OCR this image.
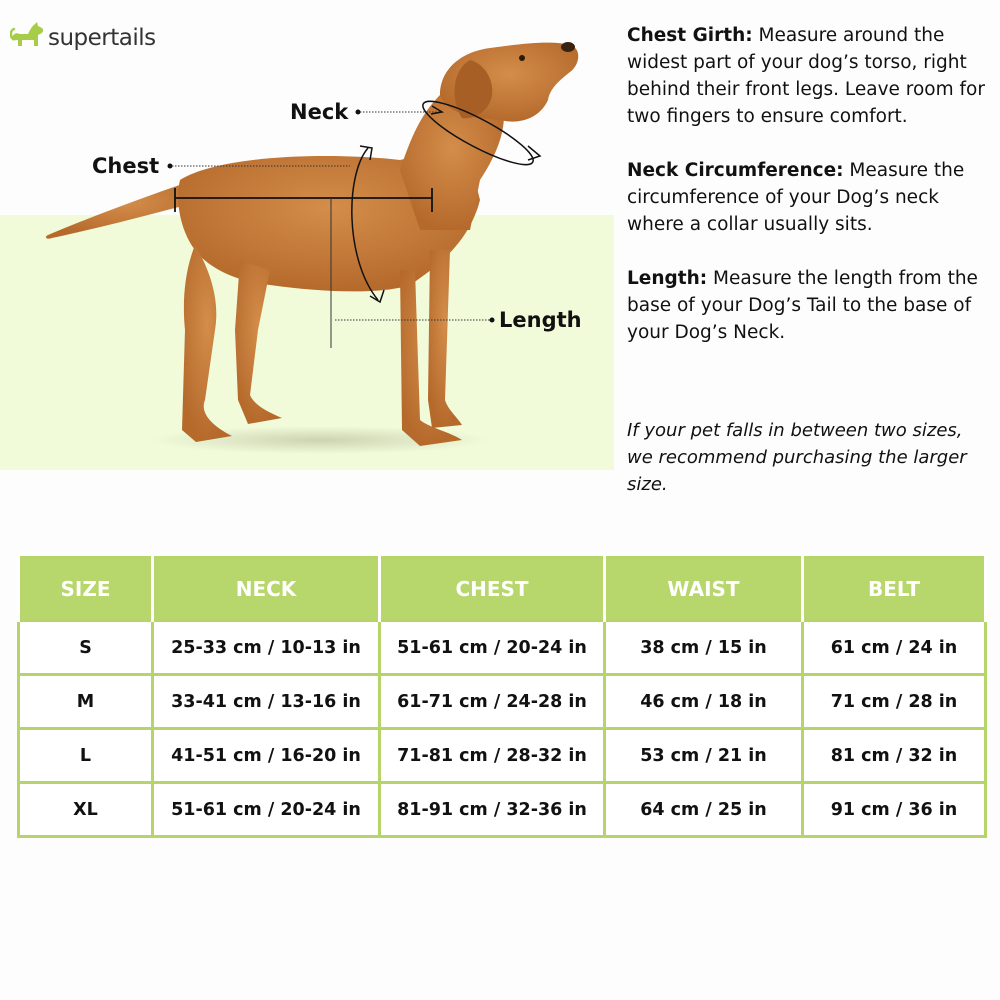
supertails
Neck
Chest
Length

Chest Girth: Measure around the widest part of your dog’s torso, right behind their front legs. Leave room for two fingers to ensure comfort.

Neck Circumference: Measure the circumference of your Dog’s neck where a collar usually sits.

Length: Measure the length from the base of your Dog’s Tail to the base of your Dog’s Neck.

If your pet falls in between two sizes, we recommend purchasing the larger size.
SIZE	NECK	CHEST	WAIST	BELT
S	25-33 cm / 10-13 in	51-61 cm / 20-24 in	38 cm / 15 in	61 cm / 24 in
M	33-41 cm / 13-16 in	61-71 cm / 24-28 in	46 cm / 18 in	71 cm / 28 in
L	41-51 cm / 16-20 in	71-81 cm / 28-32 in	53 cm / 21 in	81 cm / 32 in
XL	51-61 cm / 20-24 in	81-91 cm / 32-36 in	64 cm / 25 in	91 cm / 36 in
